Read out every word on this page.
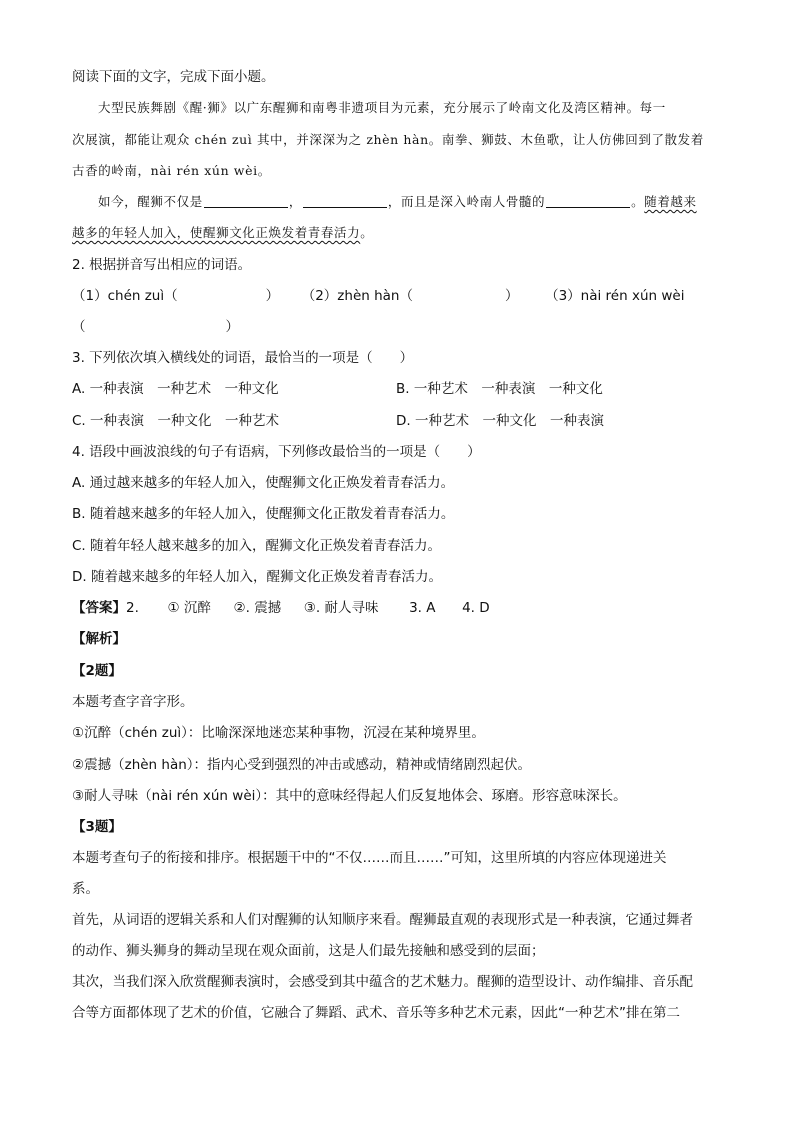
阅读下面的文字，完成下面小题。
大型民族舞剧《醒·狮》以广东醒狮和南粤非遗项目为元素，充分展示了岭南文化及湾区精神。每一
次展演，都能让观众 chén zuì 其中，并深深为之 zhèn hàn。南拳、狮鼓、木鱼歌，让人仿佛回到了散发着
古香的岭南，nài rén xún wèi。
如今，醒狮不仅是	，	，而且是深入岭南人骨髓的	。随着越来
越多的年轻人加入，使醒狮文化正焕发着青春活力。
2. 根据拼音写出相应的词语。
（1）chén zuì（	） （2）zhèn hàn（	） （3）nài rén xún wèi
（	）
3. 下列依次填入横线处的词语，最恰当的一项是（　　）
A. 一种表演　一种艺术　一种文化	B. 一种艺术　一种表演　一种文化
C. 一种表演　一种文化　一种艺术	D. 一种艺术　一种文化　一种表演
4. 语段中画波浪线的句子有语病，下列修改最恰当的一项是（　　）
A. 通过越来越多的年轻人加入，使醒狮文化正焕发着青春活力。
B. 随着越来越多的年轻人加入，使醒狮文化正散发着青春活力。
C. 随着年轻人越来越多的加入，醒狮文化正焕发着青春活力。
D. 随着越来越多的年轻人加入，醒狮文化正焕发着青春活力。
【答案】2. ① 沉醉 ②. 震撼 ③. 耐人寻味 3. A 4. D
【解析】
【2题】
本题考查字音字形。
①沉醉（chén zuì）：比喻深深地迷恋某种事物，沉浸在某种境界里。
②震撼（zhèn hàn）：指内心受到强烈的冲击或感动，精神或情绪剧烈起伏。
③耐人寻味（nài rén xún wèi）：其中的意味经得起人们反复地体会、琢磨。形容意味深长。
【3题】
本题考查句子的衔接和排序。根据题干中的“不仅……而且……”可知，这里所填的内容应体现递进关
系。
首先，从词语的逻辑关系和人们对醒狮的认知顺序来看。醒狮最直观的表现形式是一种表演，它通过舞者
的动作、狮头狮身的舞动呈现在观众面前，这是人们最先接触和感受到的层面；
其次，当我们深入欣赏醒狮表演时，会感受到其中蕴含的艺术魅力。醒狮的造型设计、动作编排、音乐配
合等方面都体现了艺术的价值，它融合了舞蹈、武术、音乐等多种艺术元素，因此“一种艺术”排在第二
